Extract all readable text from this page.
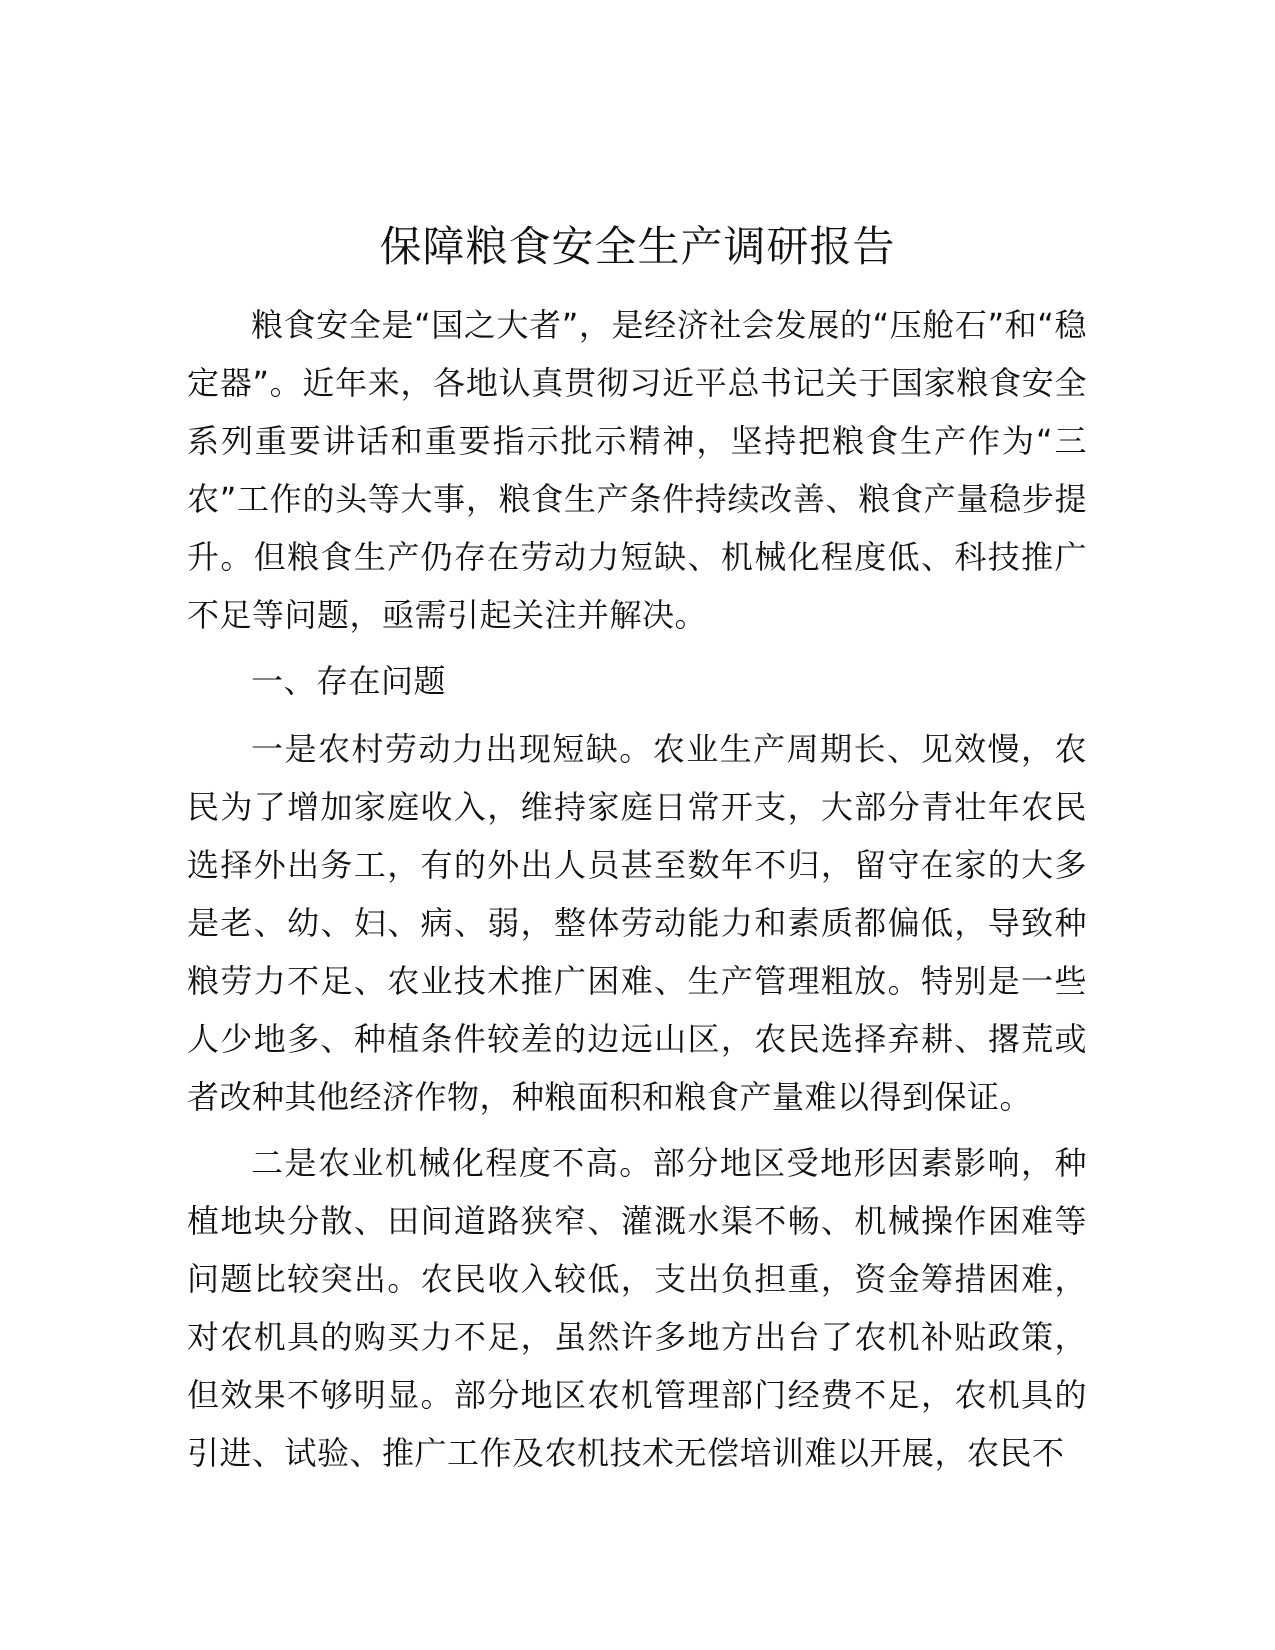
保障粮食安全生产调研报告

粮食安全是“国之大者”，是经济社会发展的“压舱石”和“稳定器”。近年来，各地认真贯彻习近平总书记关于国家粮食安全系列重要讲话和重要指示批示精神，坚持把粮食生产作为“三农”工作的头等大事，粮食生产条件持续改善、粮食产量稳步提升。但粮食生产仍存在劳动力短缺、机械化程度低、科技推广不足等问题，亟需引起关注并解决。

一、存在问题

一是农村劳动力出现短缺。农业生产周期长、见效慢，农民为了增加家庭收入，维持家庭日常开支，大部分青壮年农民选择外出务工，有的外出人员甚至数年不归，留守在家的大多是老、幼、妇、病、弱，整体劳动能力和素质都偏低，导致种粮劳力不足、农业技术推广困难、生产管理粗放。特别是一些人少地多、种植条件较差的边远山区，农民选择弃耕、撂荒或者改种其他经济作物，种粮面积和粮食产量难以得到保证。

二是农业机械化程度不高。部分地区受地形因素影响，种植地块分散、田间道路狭窄、灌溉水渠不畅、机械操作困难等问题比较突出。农民收入较低，支出负担重，资金筹措困难，对农机具的购买力不足，虽然许多地方出台了农机补贴政策，但效果不够明显。部分地区农机管理部门经费不足，农机具的引进、试验、推广工作及农机技术无偿培训难以开展，农民不
